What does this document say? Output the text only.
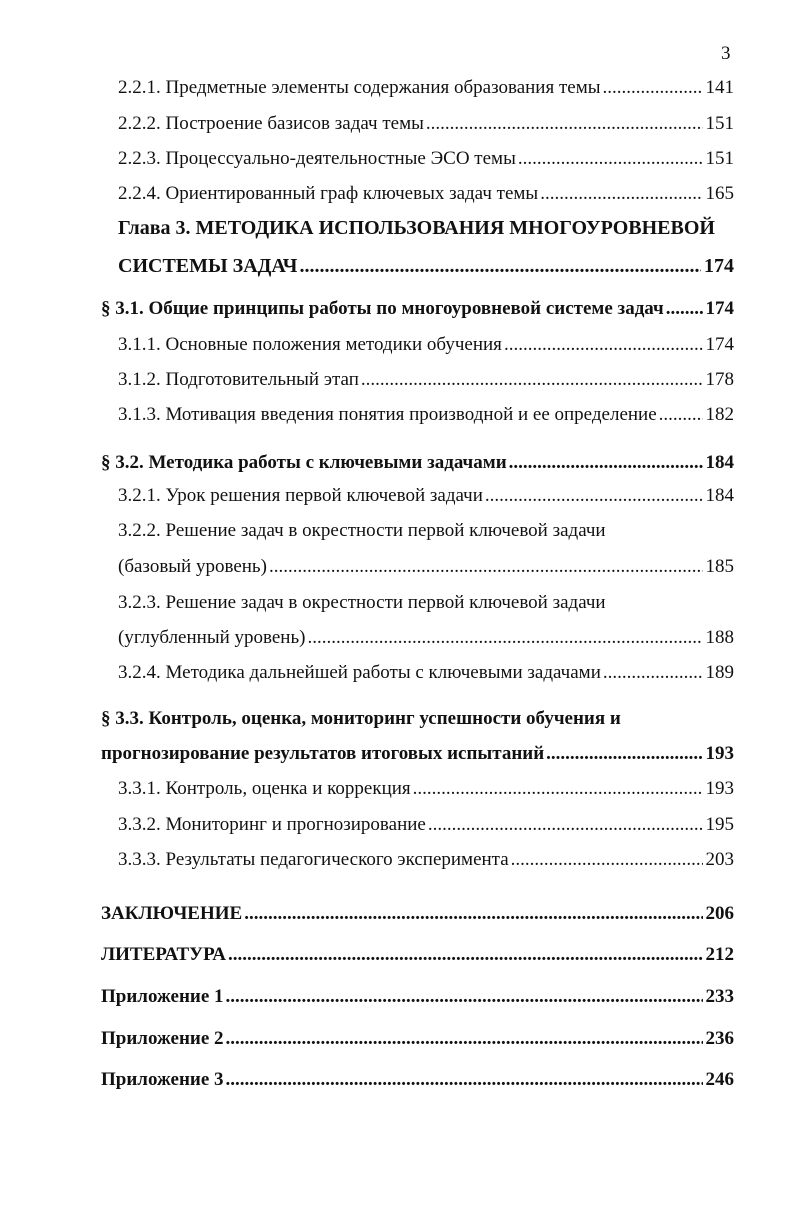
3
2.2.1. Предметные элементы содержания образования темы .....	141
2.2.2. Построение базисов задач темы .....	151
2.2.3. Процессуально-деятельностные ЭСО темы .....	151
2.2.4. Ориентированный граф ключевых задач темы .....	165
Глава 3. МЕТОДИКА ИСПОЛЬЗОВАНИЯ МНОГОУРОВНЕВОЙ
СИСТЕМЫ ЗАДАЧ .....	174
§ 3.1. Общие принципы работы по многоуровневой системе задач ..... 174
3.1.1. Основные положения методики обучения .....	174
3.1.2. Подготовительный этап .....	178
3.1.3. Мотивация введения понятия производной и ее определение .....	182
§ 3.2. Методика работы с ключевыми задачами .....	184
3.2.1. Урок решения первой ключевой задачи .....	184
3.2.2. Решение задач в окрестности первой ключевой задачи
(базовый уровень) .....	185
3.2.3. Решение задач в окрестности первой ключевой задачи
(углубленный уровень) .....	188
3.2.4. Методика дальнейшей работы с ключевыми задачами .....	189
§ 3.3. Контроль, оценка, мониторинг успешности обучения и
прогнозирование результатов итоговых испытаний .....	193
3.3.1. Контроль, оценка и коррекция .....	193
3.3.2. Мониторинг и прогнозирование .....	195
3.3.3. Результаты педагогического эксперимента .....	203
ЗАКЛЮЧЕНИЕ .....	206
ЛИТЕРАТУРА .....	212
Приложение 1 .....	233
Приложение 2 .....	236
Приложение 3 .....	246
